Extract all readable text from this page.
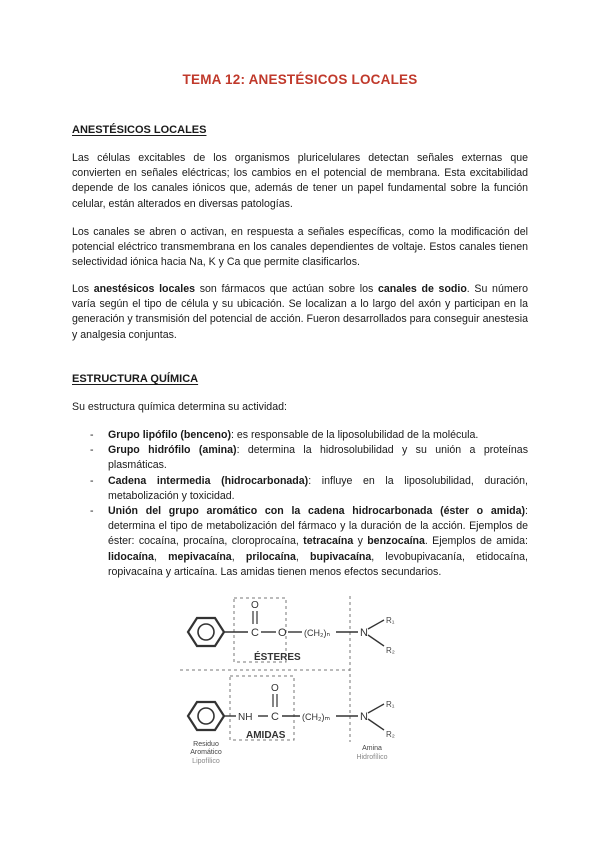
TEMA 12: ANESTÉSICOS LOCALES
ANESTÉSICOS LOCALES

Las células excitables de los organismos pluricelulares detectan señales externas que convierten en señales eléctricas; los cambios en el potencial de membrana. Esta excitabilidad depende de los canales iónicos que, además de tener un papel fundamental sobre la función celular, están alterados en diversas patologías.

Los canales se abren o activan, en respuesta a señales específicas, como la modificación del potencial eléctrico transmembrana en los canales dependientes de voltaje. Estos canales tienen selectividad iónica hacia Na, K y Ca que permite clasificarlos.

Los anestésicos locales son fármacos que actúan sobre los canales de sodio. Su número varía según el tipo de célula y su ubicación. Se localizan a lo largo del axón y participan en la generación y transmisión del potencial de acción. Fueron desarrollados para conseguir anestesia y analgesia conjuntas.

ESTRUCTURA QUÍMICA

Su estructura química determina su actividad:

- Grupo lipófilo (benceno): es responsable de la liposolubilidad de la molécula.
- Grupo hidrófilo (amina): determina la hidrosolubilidad y su unión a proteínas plasmáticas.
- Cadena intermedia (hidrocarbonada): influye en la liposolubilidad, duración, metabolización y toxicidad.
- Unión del grupo aromático con la cadena hidrocarbonada (éster o amida): determina el tipo de metabolización del fármaco y la duración de la acción. Ejemplos de éster: cocaína, procaína, cloroprocaína, tetracaína y benzocaína. Ejemplos de amida: lidocaína, mepivacaína, prilocaína, bupivacaína, levobupivacanía, etidocaína, ropivacaína y articaína. Las amidas tienen menos efectos secundarios.
C
O
O (CH₂)ₙ	N
R₁
R₂
ÉSTERES
NH C
O
(CH₂)ₘ	N
R₁
R₂
AMIDAS
Residuo
Aromático
Lipofílico
Amina
Hidrofílico
